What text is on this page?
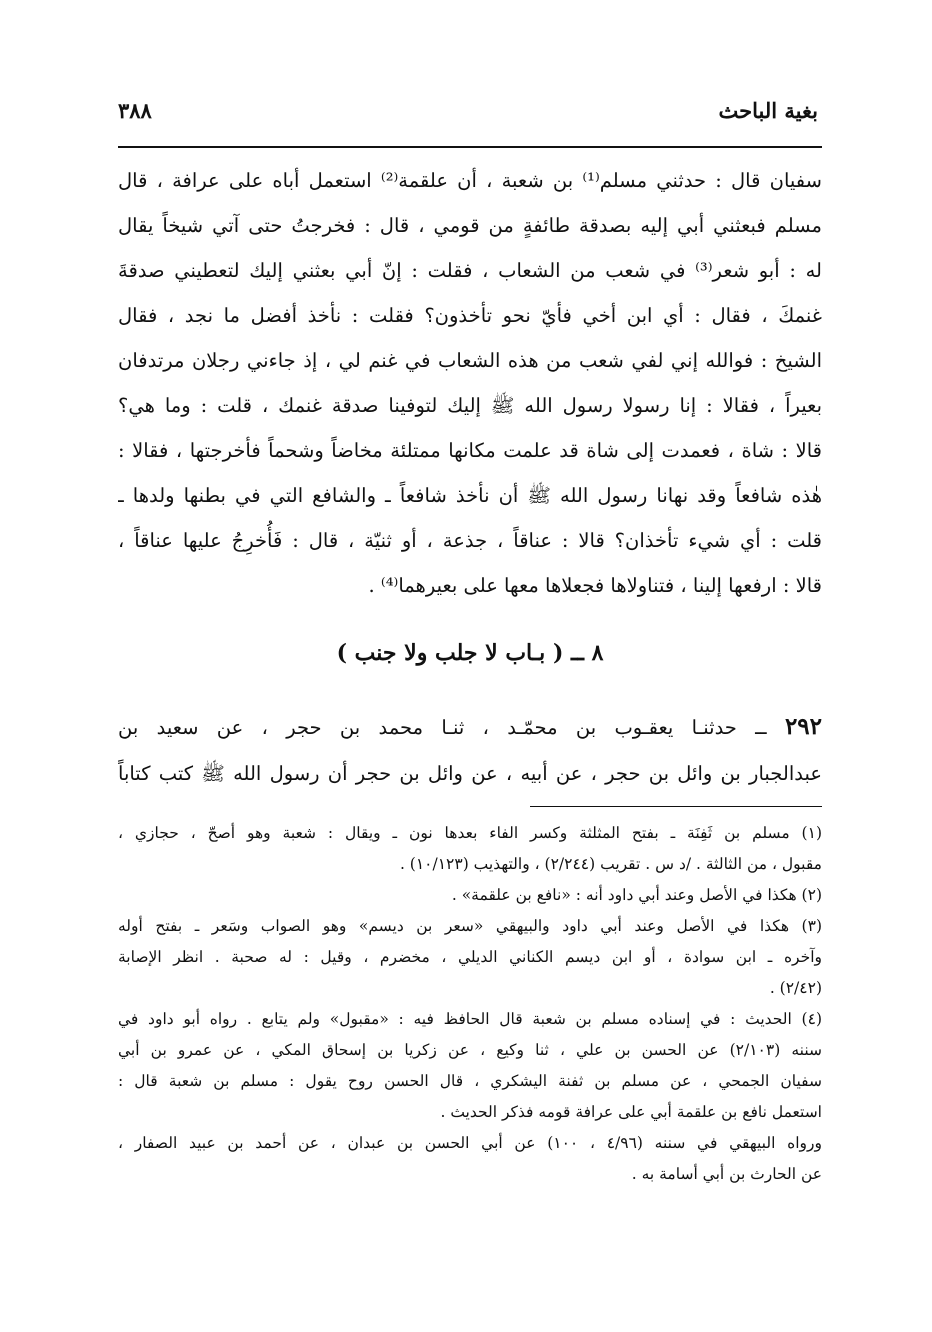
بغية الباحث
٣٨٨
سفيان قال : حدثني مسلم⁽¹⁾ بن شعبة ، أن علقمة⁽²⁾ استعمل أباه على عرافة ، قال
مسلم فبعثني أبي إليه بصدقة طائفةٍ من قومي ، قال : فخرجتُ حتى آتي شيخاً يقال
له : أبو شعر⁽³⁾ في شعب من الشعاب ، فقلت : إنّ أبي بعثني إليك لتعطيني صدقةَ
غنمكَ ، فقال : أي ابن أخي فأيّ نحو تأخذون؟ فقلت : نأخذ أفضل ما نجد ، فقال
الشيخ : فوالله إني لفي شعب من هذه الشعاب في غنم لي ، إذ جاءني رجلان مرتدفان
بعيراً ، فقالا : إنا رسولا رسول الله ﷺ إليك لتوفينا صدقة غنمك ، قلت : وما هي؟
قالا : شاة ، فعمدت إلى شاة قد علمت مكانها ممتلئة مخاضاً وشحماً فأخرجتها ، فقالا :
هٰذه شافعاً وقد نهانا رسول الله ﷺ أن نأخذ شافعاً ـ والشافع التي في بطنها ولدها ـ
قلت : أي شيء تأخذان؟ قالا : عناقاً ، جذعة ، أو ثنيّة ، قال : فَأُخرِجُ عليها عناقاً ،
قالا : ارفعها إلينا ، فتناولاها فجعلاها معها على بعيرهما⁽⁴⁾ .
٨ ــ ( بـاب لا جلب ولا جنب )
٢٩٢ ــ حدثنـا يعقـوب بن محمّـد ، ثنـا محمد بن حجر ، عن سعيد بن
عبدالجبار بن وائل بن حجر ، عن أبيه ، عن وائل بن حجر أن رسول الله ﷺ كتب كتاباً
(١) مسلم بن ثَفِنَة ـ بفتح المثلثة وكسر الفاء بعدها نون ـ ويقال : شعبة وهو أصحّ ، حجازي ،
مقبول ، من الثالثة . /د س . تقريب (٢/٢٤٤) ، والتهذيب (١٠/١٢٣) .
(٢) هكذا في الأصل وعند أبي داود أنه : «نافع بن علقمة» .
(٣) هكذا في الأصل وعند أبي داود والبيهقي «سعر بن ديسم» وهو الصواب وسَعر ـ بفتح أوله
وآخره ـ ابن سوادة ، أو ابن ديسم الكناني الديلي ، مخضرم ، وقيل : له صحبة . انظر الإصابة
(٢/٤٢) .
(٤) الحديث : في إسناده مسلم بن شعبة قال الحافظ فيه : «مقبول» ولم يتابع . رواه أبو داود في
سننه (٢/١٠٣) عن الحسن بن علي ، ثنا وكيع ، عن زكريا بن إسحاق المكي ، عن عمرو بن أبي
سفيان الجمحي ، عن مسلم بن ثفنة اليشكري ، قال الحسن روح يقول : مسلم بن شعبة قال :
استعمل نافع بن علقمة أبي على عرافة قومه فذكر الحديث .
ورواه البيهقي في سننه (٤/٩٦ ، ١٠٠) عن أبي الحسن بن عبدان ، عن أحمد بن عبيد الصفار ،
عن الحارث بن أبي أسامة به .
